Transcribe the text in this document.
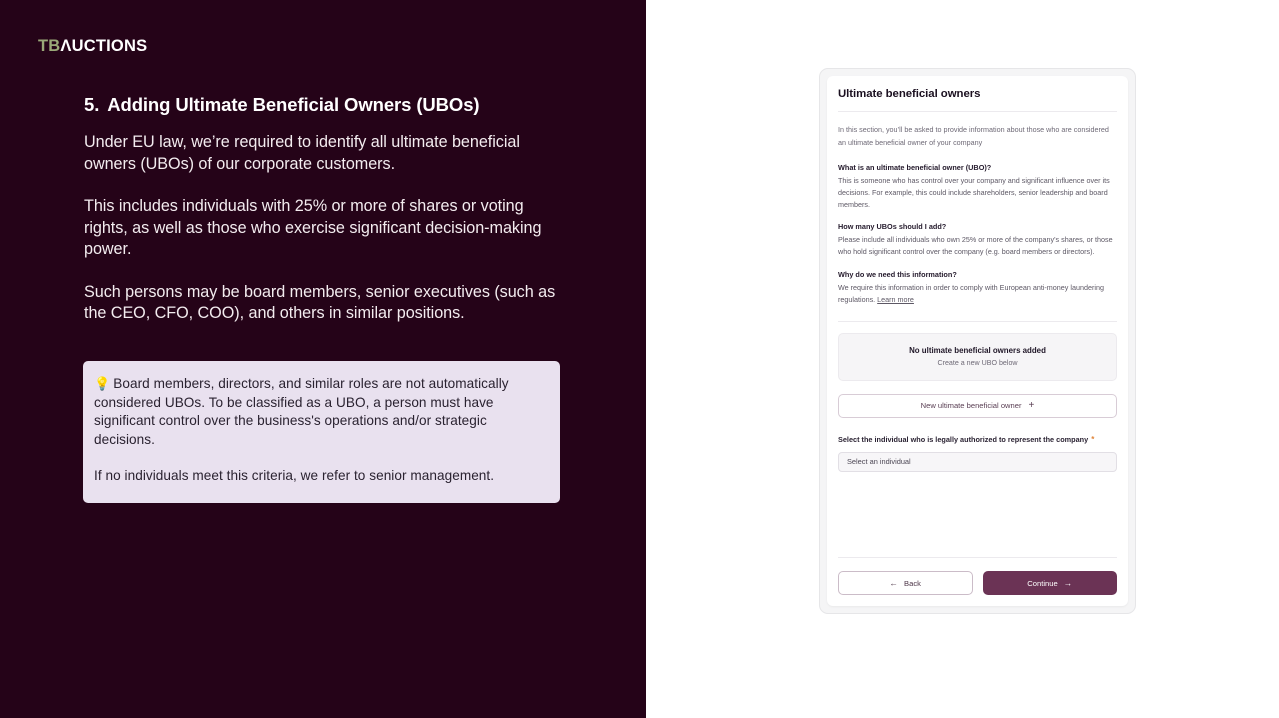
TBΛUCTIONS
5. Adding Ultimate Beneficial Owners (UBOs)

Under EU law, we’re required to identify all ultimate beneficial owners (UBOs) of our corporate customers.

This includes individuals with 25% or more of shares or voting rights, as well as those who exercise significant decision-making power.

Such persons may be board members, senior executives (such as the CEO, CFO, COO), and others in similar positions.

💡 Board members, directors, and similar roles are not automatically considered UBOs. To be classified as a UBO, a person must have significant control over the business's operations and/or strategic decisions.

If no individuals meet this criteria, we refer to senior management.

Ultimate beneficial owners
In this section, you’ll be asked to provide information about those who are considered an ultimate beneficial owner of your company
What is an ultimate beneficial owner (UBO)?
This is someone who has control over your company and significant influence over its decisions. For example, this could include shareholders, senior leadership and board members.
How many UBOs should I add?
Please include all individuals who own 25% or more of the company's shares, or those who hold significant control over the company (e.g. board members or directors).
Why do we need this information?
We require this information in order to comply with European anti-money laundering regulations. Learn more
No ultimate beneficial owners added
Create a new UBO below
New ultimate beneficial owner +
Select the individual who is legally authorized to represent the company *
Select an individual
← Back	Continue →
